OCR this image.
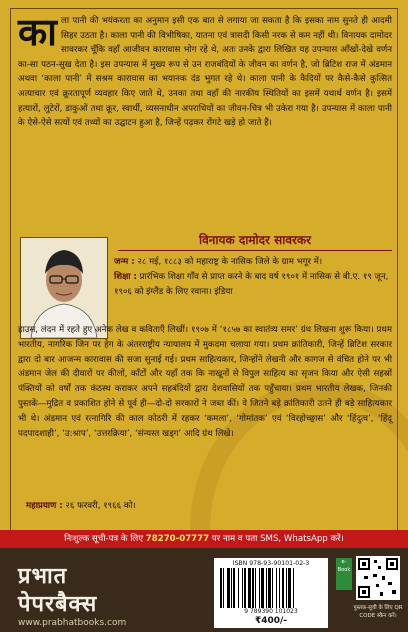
काला पानी की भयंकरता का अनुमान इसी एक बात से लगाया जा सकता है कि इसका नाम सुनते ही आदमी सिहर उठता है। काला पानी की विभीषिका, यातना एवं त्रासदी किसी नरक से कम नहीं थी। विनायक दामोदर सावरकर चूँकि वहाँ आजीवन कारावास भोग रहे थे, अतः उनके द्वारा लिखित यह उपन्यास आँखों-देखे वर्णन का-सा पठन-सुख देता है। इस उपन्यास में मुख्य रूप से उन राजबंदियों के जीवन का वर्णन है, जो ब्रिटिश राज में अंडमान अथवा ‘काला पानी’ में सश्रम कारावास का भयानक दंड भुगत रहे थे। काला पानी के कैदियों पर कैसे-कैसे कुत्सित अत्याचार एवं क्रूरतापूर्ण व्यवहार किए जाते थे, उनका तथा वहाँ की नारकीय स्थितियों का इसमें यथार्थ वर्णन है। इसमें हत्यारों, लुटेरों, डाकुओं तथा क्रूर, स्वार्थी, व्यसनाधीन अपराधियों का जीवन-चित्र भी उकेरा गया है। उपन्यास में काला पानी के ऐसे-ऐसे सत्यों एवं तथ्यों का उद्घाटन हुआ है, जिन्हें पढ़कर रोंगटे खड़े हो जाते हैं।
विनायक दामोदर सावरकर
जन्म : २८ मई, १८८३ को महाराष्ट्र के नासिक जिले के ग्राम भगूर में।
शिक्षा : प्रारंभिक शिक्षा गाँव से प्राप्त करने के बाद वर्ष १९०१ में नासिक से बी.ए. १९ जून, १९०६ को इंग्लैंड के लिए रवाना। इंडिया
हाउस, लंदन में रहते हुए अनेक लेख व कविताएँ लिखीं। १९०७ में ‘१८५७ का स्वातंत्र्य समर’ ग्रंथ लिखना शुरू किया। प्रथम भारतीय, नागरिक जिन पर हेग के अंतरराष्ट्रीय न्यायालय में मुकदमा चलाया गया। प्रथम क्रांतिकारी, जिन्हें ब्रिटिश सरकार द्वारा दो बार आजन्म कारावास की सजा सुनाई गई। प्रथम साहित्यकार, जिन्होंने लेखनी और कागज से वंचित होने पर भी अंडमान जेल की दीवारों पर कीलों, काँटों और यहाँ तक कि नाखूनों से विपुल साहित्य का सृजन किया और ऐसी सहस्रों पंक्तियों को वर्षों तक कंठस्थ कराकर अपने सहबंदियों द्वारा देशवासियों तक पहुँचाया। प्रथम भारतीय लेखक, जिनकी पुस्तकें—मुद्रित व प्रकाशित होने से पूर्व ही—दो-दो सरकारों ने जब्त कीं। वे जितने बड़े क्रांतिकारी उतने ही बड़े साहित्यकार भी थे। अंडमान एवं रत्नागिरि की काल कोठरी में रहकर ‘कमला’, ‘गोमांतक’ एवं ‘विरहोच्छ्वास’ और ‘हिंदुत्व’, ‘हिंदू पदपादशाही’, ‘उ:श्राप’, ‘उत्तरक्रिया’, ‘संन्यस्त खड्ग’ आदि ग्रंथ लिखे।
महाप्रयाण : २६ फरवरी, १९६६ को।
निःशुल्क सूची-पत्र के लिए 78270-07777 पर नाम व पता SMS, WhatsApp करें।
प्रभात
पेपरबैक्स
www.prabhatbooks.com
ISBN 978-93-90101-02-3
9 789390 101023
₹400/-
e-Book
पुस्तक-सूची के लिए QR CODE स्कैन करें।
